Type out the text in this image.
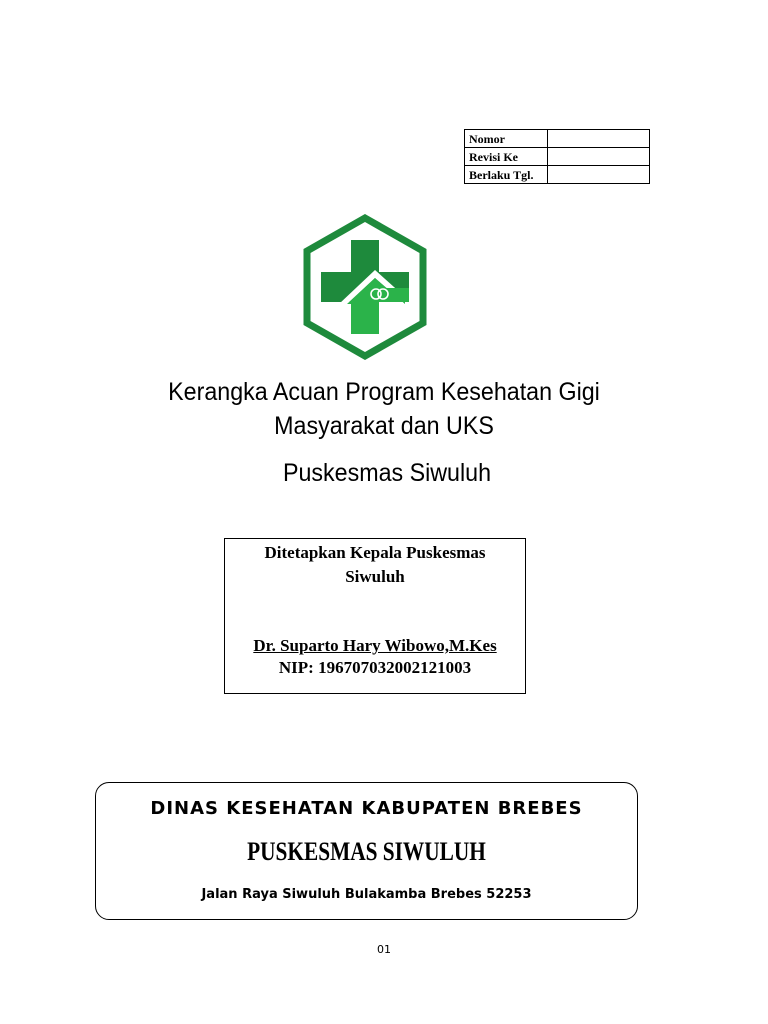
Nomor	
Revisi Ke	
Berlaku Tgl.	
Kerangka Acuan Program Kesehatan Gigi
Masyarakat dan UKS
Puskesmas Siwuluh
Ditetapkan Kepala Puskesmas
Siwuluh
Dr. Suparto Hary Wibowo,M.Kes
NIP: 196707032002121003
DINAS KESEHATAN KABUPATEN BREBES
PUSKESMAS SIWULUH
Jalan Raya Siwuluh Bulakamba Brebes 52253
01
